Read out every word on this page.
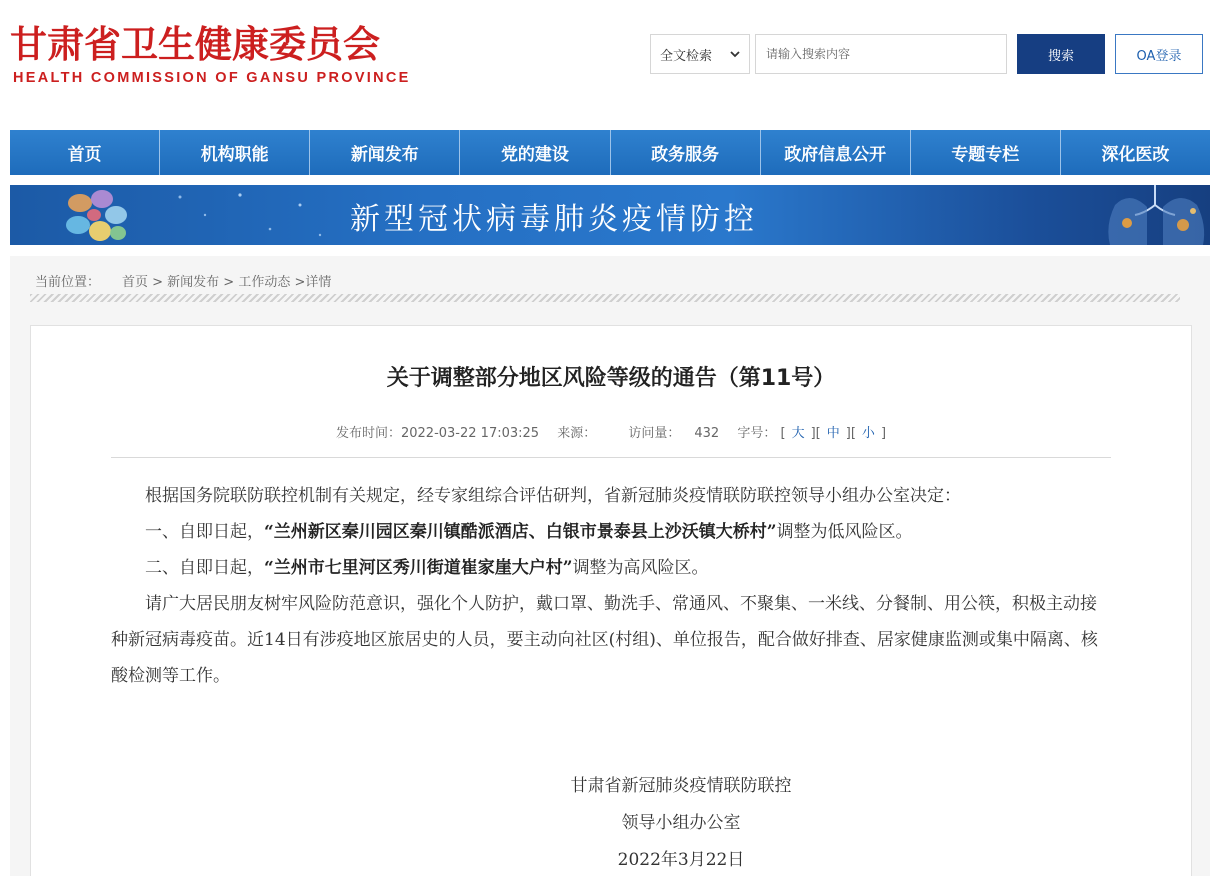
甘肃省卫生健康委员会
HEALTH COMMISSION OF GANSU PROVINCE
全文检索
请输入搜索内容	搜索	OA登录
首页	机构职能	新闻发布	党的建设	政务服务	政府信息公开	专题专栏	深化医改
新型冠状病毒肺炎疫情防控
当前位置： 首页 > 新闻发布 > 工作动态 >详情
关于调整部分地区风险等级的通告（第11号）
发布时间：2022-03-22 17:03:25 来源： 访问量： 432 字号： [ 大 ][ 中 ][ 小 ]

根据国务院联防联控机制有关规定，经专家组综合评估研判，省新冠肺炎疫情联防联控领导小组办公室决定：

一、自即日起，“兰州新区秦川园区秦川镇酷派酒店、白银市景泰县上沙沃镇大桥村”调整为低风险区。

二、自即日起，“兰州市七里河区秀川街道崔家崖大户村”调整为高风险区。

请广大居民朋友树牢风险防范意识，强化个人防护，戴口罩、勤洗手、常通风、不聚集、一米线、分餐制、用公筷，积极主动接种新冠病毒疫苗。近14日有涉疫地区旅居史的人员，要主动向社区(村组)、单位报告，配合做好排查、居家健康监测或集中隔离、核酸检测等工作。

甘肃省新冠肺炎疫情联防联控
领导小组办公室
2022年3月22日
